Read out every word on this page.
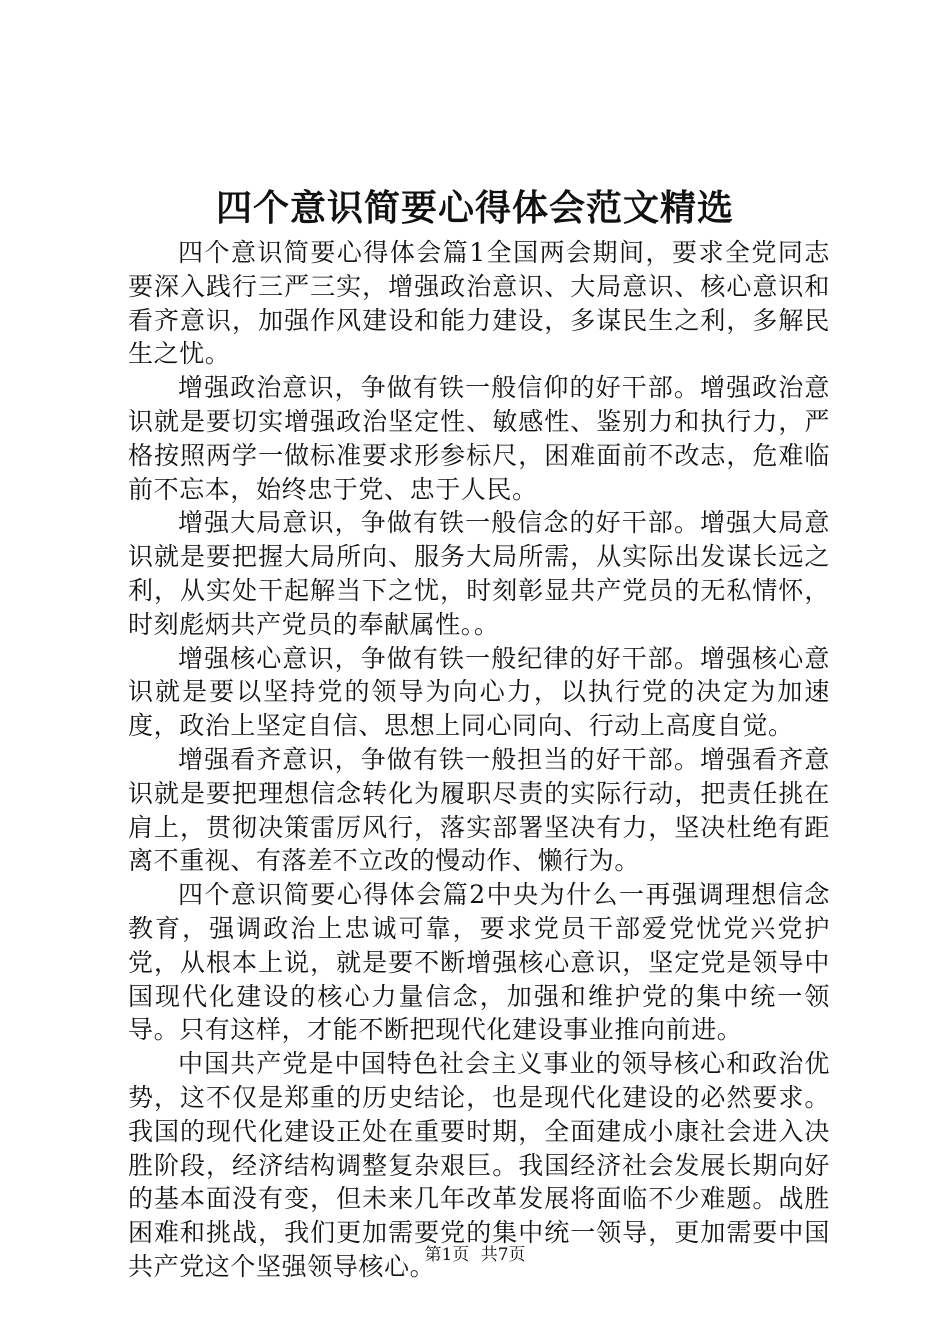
四个意识简要心得体会范文精选

四个意识简要心得体会篇1全国两会期间，要求全党同志要深入践行三严三实，增强政治意识、大局意识、核心意识和看齐意识，加强作风建设和能力建设，多谋民生之利，多解民生之忧。

增强政治意识，争做有铁一般信仰的好干部。增强政治意识就是要切实增强政治坚定性、敏感性、鉴别力和执行力，严格按照两学一做标准要求形参标尺，困难面前不改志，危难临前不忘本，始终忠于党、忠于人民。

增强大局意识，争做有铁一般信念的好干部。增强大局意识就是要把握大局所向、服务大局所需，从实际出发谋长远之利，从实处干起解当下之忧，时刻彰显共产党员的无私情怀，时刻彪炳共产党员的奉献属性。。

增强核心意识，争做有铁一般纪律的好干部。增强核心意识就是要以坚持党的领导为向心力，以执行党的决定为加速度，政治上坚定自信、思想上同心同向、行动上高度自觉。

增强看齐意识，争做有铁一般担当的好干部。增强看齐意识就是要把理想信念转化为履职尽责的实际行动，把责任挑在肩上，贯彻决策雷厉风行，落实部署坚决有力，坚决杜绝有距离不重视、有落差不立改的慢动作、懒行为。

四个意识简要心得体会篇2中央为什么一再强调理想信念教育，强调政治上忠诚可靠，要求党员干部爱党忧党兴党护党，从根本上说，就是要不断增强核心意识，坚定党是领导中国现代化建设的核心力量信念，加强和维护党的集中统一领导。只有这样，才能不断把现代化建设事业推向前进。

中国共产党是中国特色社会主义事业的领导核心和政治优势，这不仅是郑重的历史结论，也是现代化建设的必然要求。我国的现代化建设正处在重要时期，全面建成小康社会进入决胜阶段，经济结构调整复杂艰巨。我国经济社会发展长期向好的基本面没有变，但未来几年改革发展将面临不少难题。战胜困难和挑战，我们更加需要党的集中统一领导，更加需要中国共产党这个坚强领导核心。

第1页 共7页
